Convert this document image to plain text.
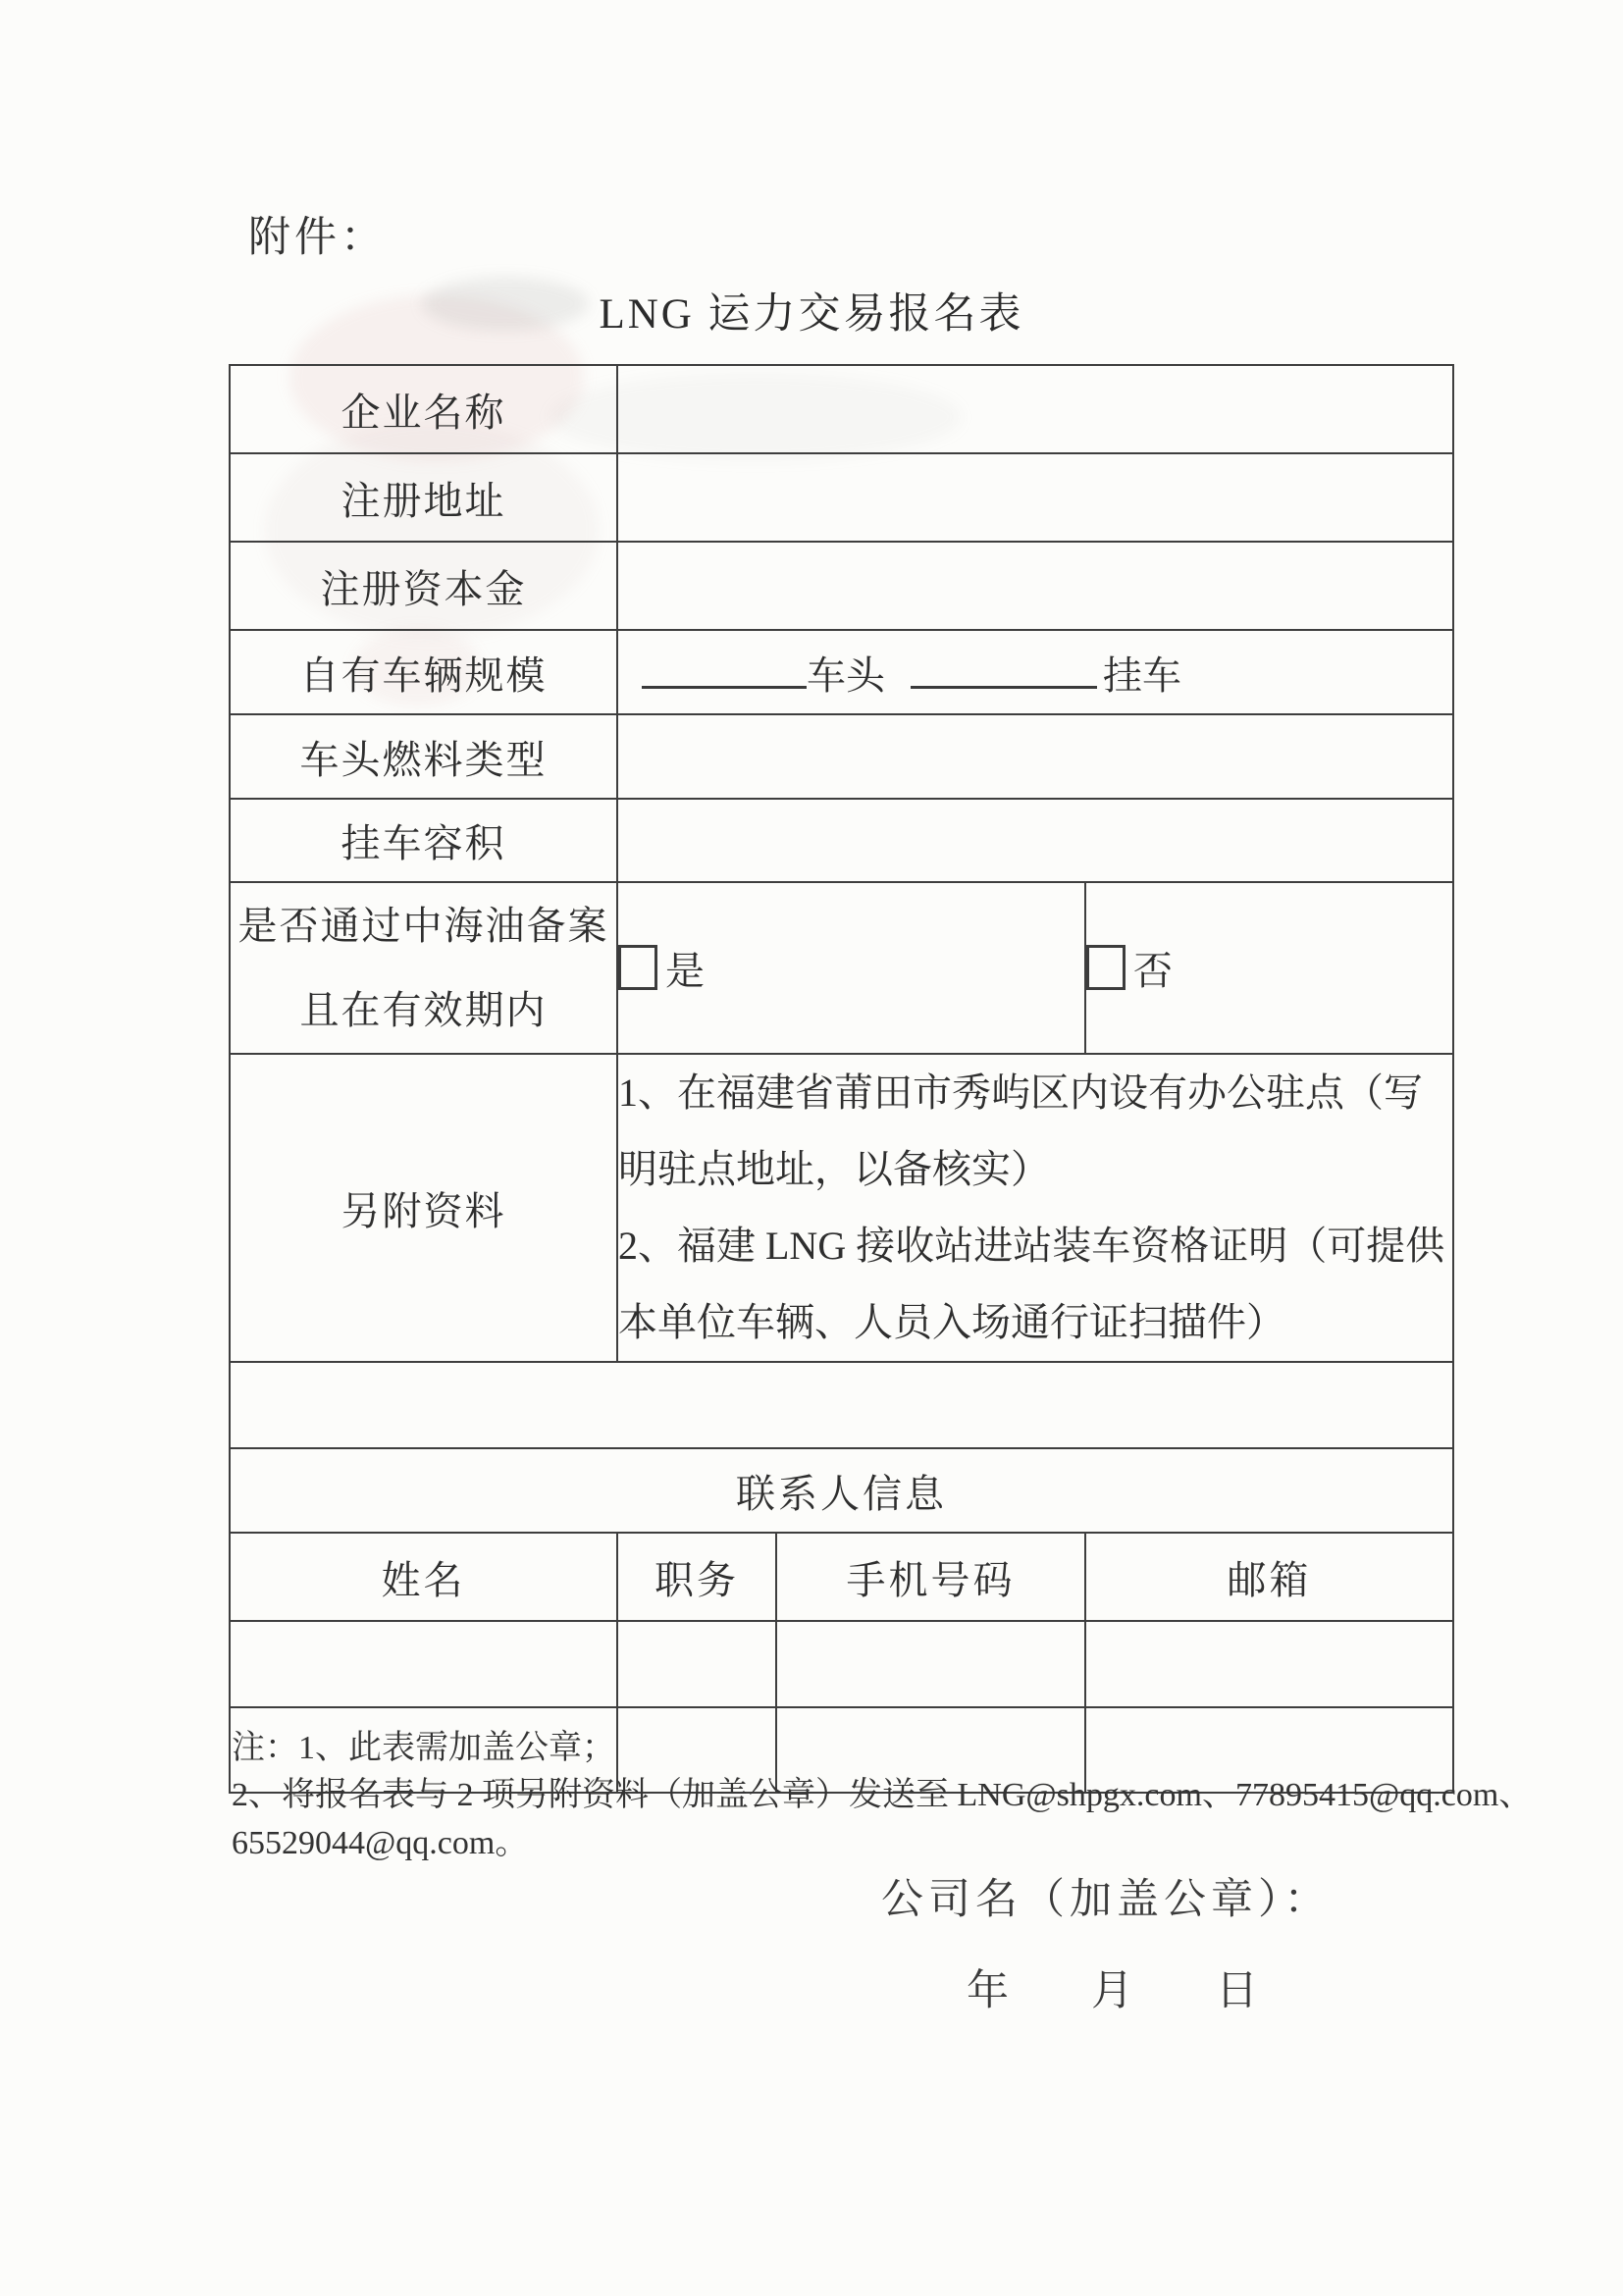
附件：
LNG 运力交易报名表
企业名称			
注册地址			
注册资本金			
自有车辆规模	车头 挂车		
车头燃料类型			
挂车容积			

是否通过中海油备案
且在有效期内	是		否
另附资料	1、在福建省莆田市秀屿区内设有办公驻点（写明驻点地址，以备核实）
2、福建 LNG 接收站进站装车资格证明（可提供本单位车辆、人员入场通行证扫描件）		

联系人信息			
姓名	职务	手机号码	邮箱

注：1、此表需加盖公章；
2、将报名表与 2 项另附资料（加盖公章）发送至 LNG@shpgx.com、77895415@qq.com、
65529044@qq.com。
公司名（加盖公章）：
年	月	日
